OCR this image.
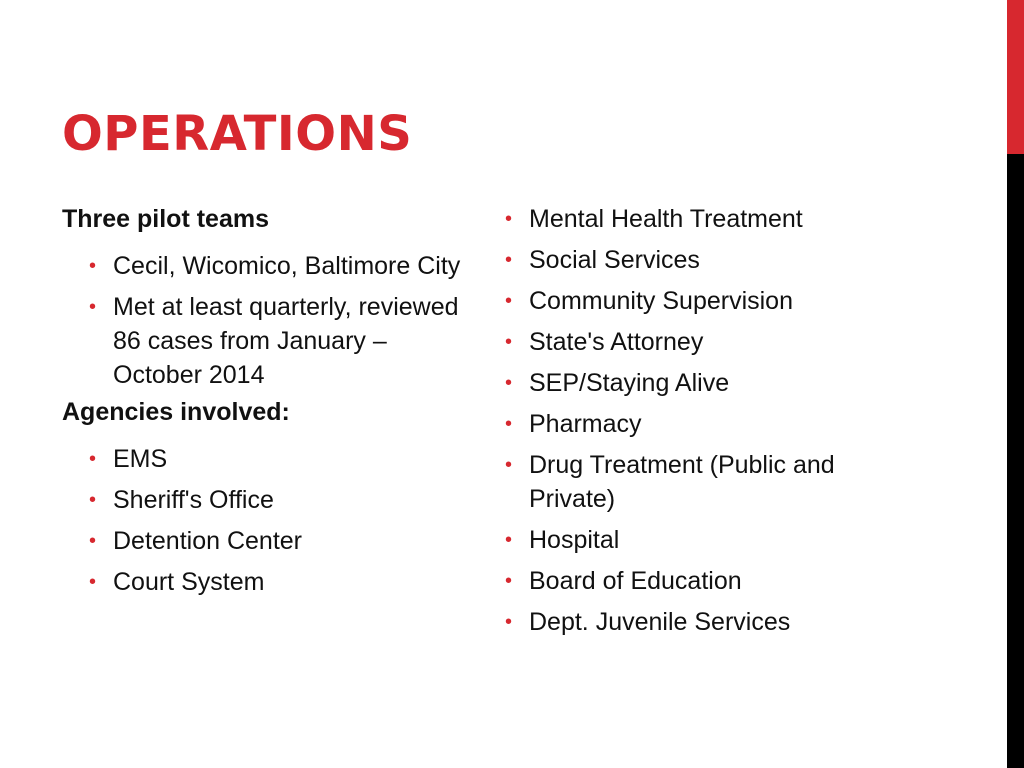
OPERATIONS

Three pilot teams

• Cecil, Wicomico, Baltimore City
• Met at least quarterly, reviewed 86 cases from January – October 2014

Agencies involved:

• EMS
• Sheriff's Office
• Detention Center
• Court System
• Mental Health Treatment
• Social Services
• Community Supervision
• State's Attorney
• SEP/Staying Alive
• Pharmacy
• Drug Treatment (Public and Private)
• Hospital
• Board of Education
• Dept. Juvenile Services
